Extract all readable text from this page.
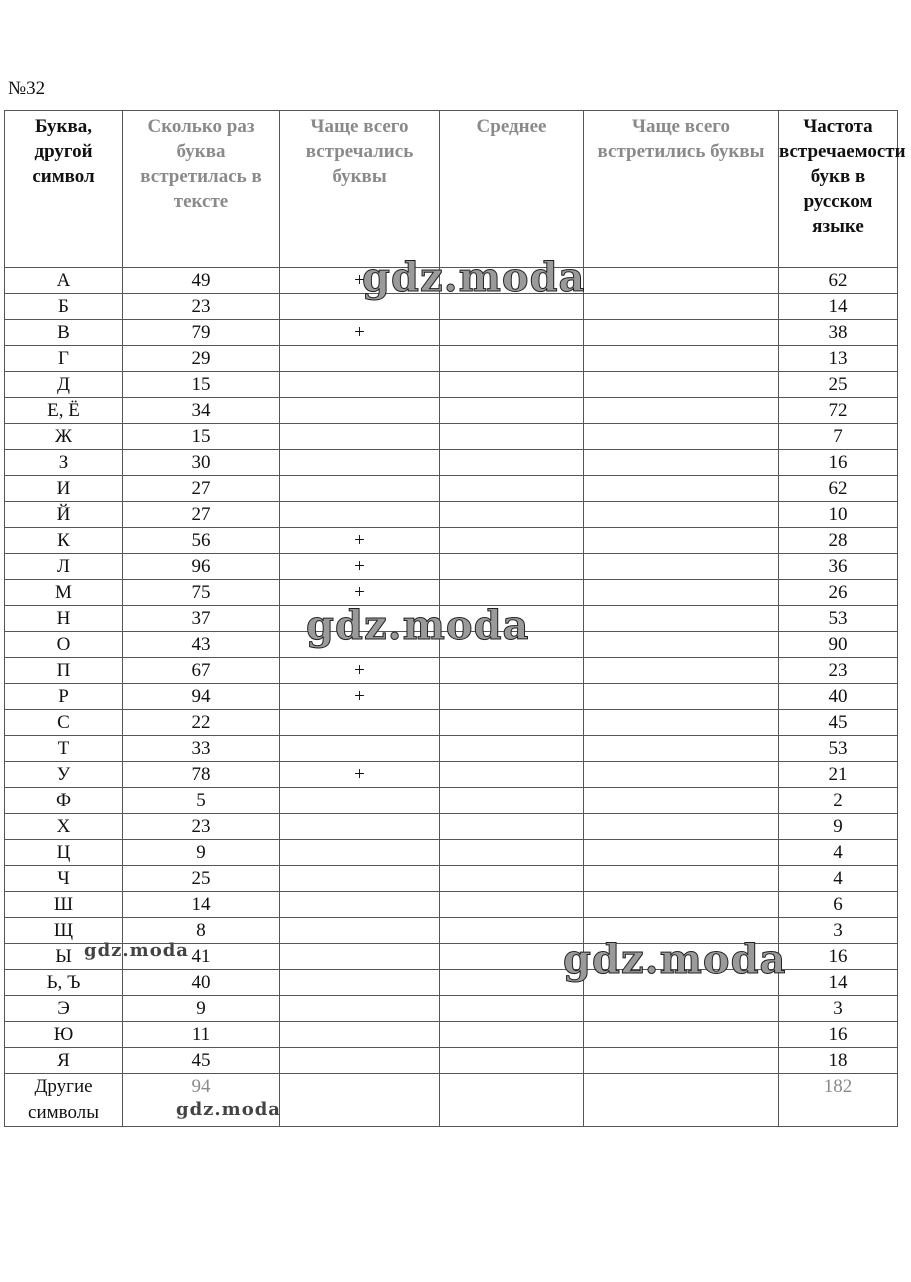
№32
Буква, другой символ	Сколько раз буква встретилась в тексте	Чаще всего встречались буквы	Среднее	Чаще всего встретились буквы	Частота встречаемости букв в русском языке
А	49	+			62
Б	23				14
В	79	+			38
Г	29				13
Д	15				25
Е, Ё	34				72
Ж	15				7
З	30				16
И	27				62
Й	27				10
К	56	+			28
Л	96	+			36
М	75	+			26
Н	37				53
О	43				90
П	67	+			23
Р	94	+			40
С	22				45
Т	33				53
У	78	+			21
Ф	5				2
Х	23				9
Ц	9				4
Ч	25				4
Ш	14				6
Щ	8				3
Ы	41				16
Ь, Ъ	40				14
Э	9				3
Ю	11				16
Я	45				18
Другие символы	94				182
gdz.moda
gdz.moda
gdz.moda
gdz.moda
gdz.moda
